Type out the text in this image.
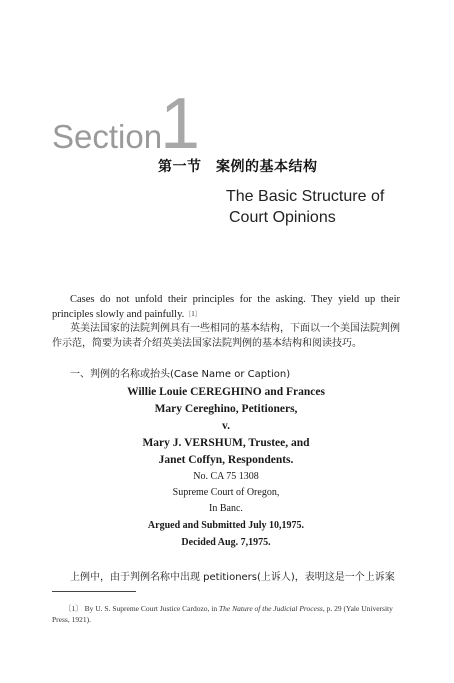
Section
1
第一节　案例的基本结构
The Basic Structure of
Court Opinions
Cases do not unfold their principles for the asking. They yield up their principles slowly and painfully.$^{〔1〕}$
英美法国家的法院判例具有一些相同的基本结构，下面以一个美国法院判例作示范，简要为读者介绍英美法国家法院判例的基本结构和阅读技巧。
一、判例的名称或抬头(Case Name or Caption)
Willie Louie CEREGHINO and Frances
Mary Cereghino, Petitioners,
v.
Mary J. VERSHUM, Trustee, and
Janet Coffyn, Respondents.
No. CA 75 1308
Supreme Court of Oregon,
In Banc.
Argued and Submitted July 10,1975.
Decided Aug. 7,1975.
上例中，由于判例名称中出现 petitioners(上诉人)，表明这是一个上诉案
〔1〕 By U. S. Supreme Court Justice Cardozo, in The Nature of the Judicial Process, p. 29 (Yale University Press, 1921).
